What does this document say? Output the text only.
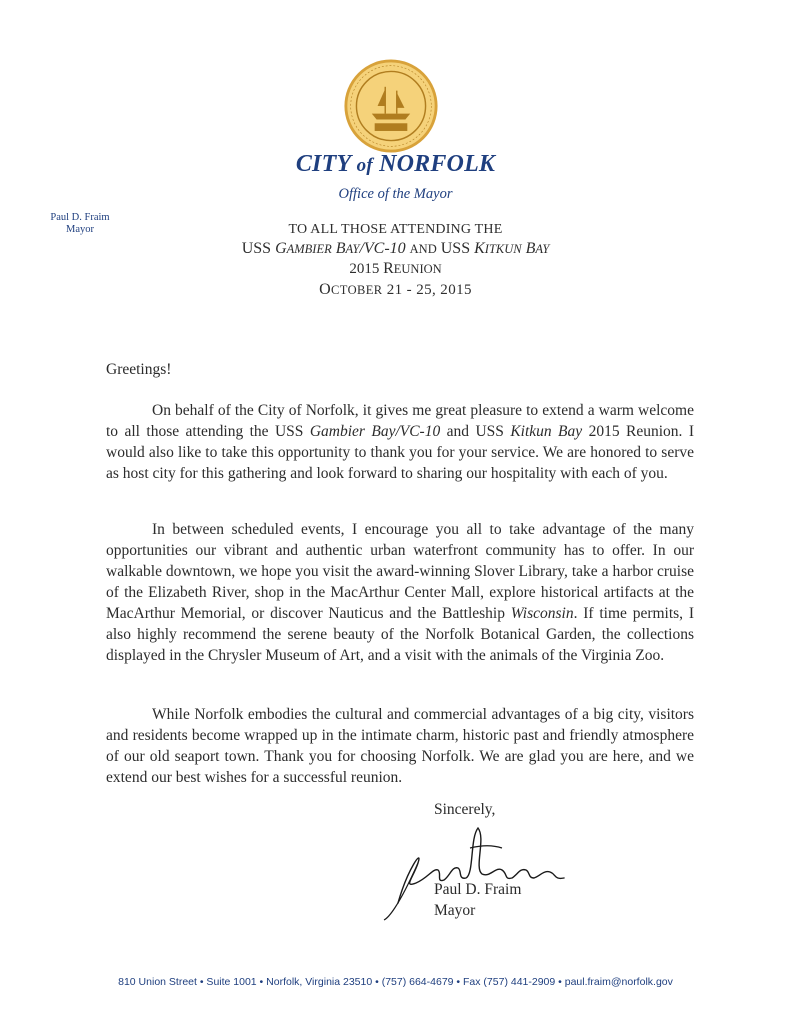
CITY of NORFOLK
Office of the Mayor
Paul D. Fraim
Mayor	TO ALL THOSE ATTENDING THE
USS GAMBIER BAY/VC-10 AND USS KITKUN BAY
2015 REUNION
OCTOBER 21 - 25, 2015
Greetings!
On behalf of the City of Norfolk, it gives me great pleasure to extend a warm welcome to all those attending the USS Gambier Bay/VC-10 and USS Kitkun Bay 2015 Reunion. I would also like to take this opportunity to thank you for your service. We are honored to serve as host city for this gathering and look forward to sharing our hospitality with each of you.
In between scheduled events, I encourage you all to take advantage of the many opportunities our vibrant and authentic urban waterfront community has to offer. In our walkable downtown, we hope you visit the award-winning Slover Library, take a harbor cruise of the Elizabeth River, shop in the MacArthur Center Mall, explore historical artifacts at the MacArthur Memorial, or discover Nauticus and the Battleship Wisconsin. If time permits, I also highly recommend the serene beauty of the Norfolk Botanical Garden, the collections displayed in the Chrysler Museum of Art, and a visit with the animals of the Virginia Zoo.
While Norfolk embodies the cultural and commercial advantages of a big city, visitors and residents become wrapped up in the intimate charm, historic past and friendly atmosphere of our old seaport town. Thank you for choosing Norfolk. We are glad you are here, and we extend our best wishes for a successful reunion.
Sincerely,
Paul D. Fraim
Mayor
810 Union Street • Suite 1001 • Norfolk, Virginia 23510 • (757) 664-4679 • Fax (757) 441-2909 • paul.fraim@norfolk.gov
